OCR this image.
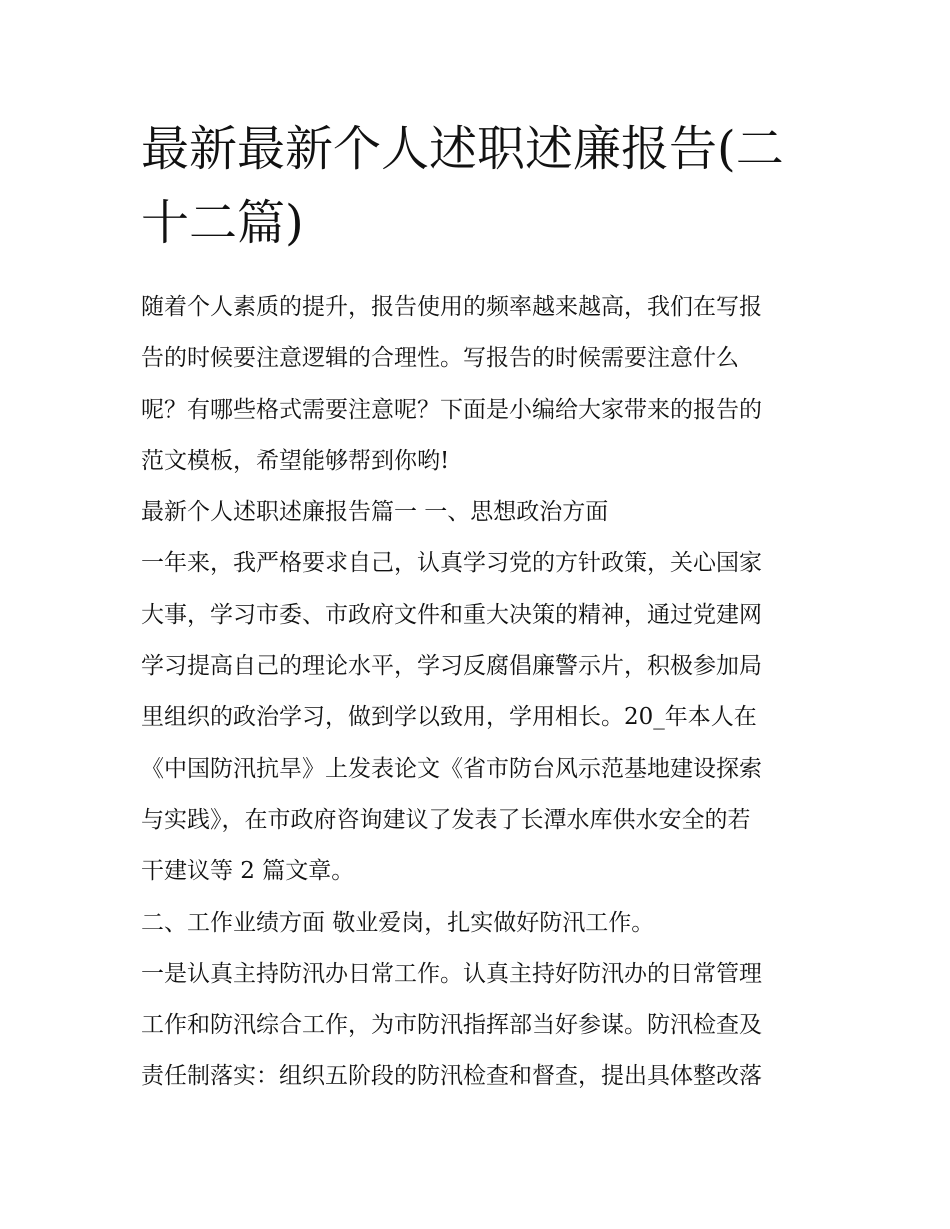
最新最新个人述职述廉报告(二
十二篇)
随着个人素质的提升，报告使用的频率越来越高，我们在写报
告的时候要注意逻辑的合理性。写报告的时候需要注意什么
呢？有哪些格式需要注意呢？下面是小编给大家带来的报告的
范文模板，希望能够帮到你哟!
最新个人述职述廉报告篇一 一、思想政治方面
一年来，我严格要求自己，认真学习党的方针政策，关心国家
大事，学习市委、市政府文件和重大决策的精神，通过党建网
学习提高自己的理论水平，学习反腐倡廉警示片，积极参加局
里组织的政治学习，做到学以致用，学用相长。20_年本人在
《中国防汛抗旱》上发表论文《省市防台风示范基地建设探索
与实践》，在市政府咨询建议了发表了长潭水库供水安全的若
干建议等 2 篇文章。
二、工作业绩方面 敬业爱岗，扎实做好防汛工作。
一是认真主持防汛办日常工作。认真主持好防汛办的日常管理
工作和防汛综合工作，为市防汛指挥部当好参谋。防汛检查及
责任制落实：组织五阶段的防汛检查和督查，提出具体整改落
